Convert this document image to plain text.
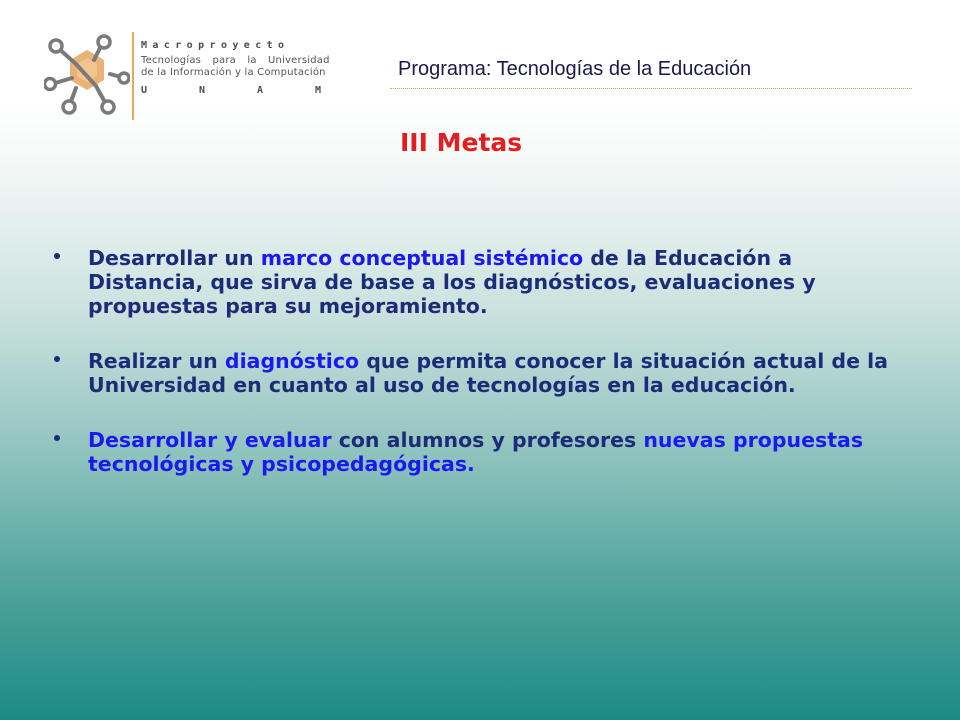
Macroproyecto
Tecnologías para la Universidad
de la Información y la Computación
UNAM
Programa: Tecnologías de la Educación
III Metas
Desarrollar un marco conceptual sistémico de la Educación a Distancia, que sirva de base a los diagnósticos, evaluaciones y propuestas para su mejoramiento.
Realizar un diagnóstico que permita conocer la situación actual de la Universidad en cuanto al uso de tecnologías en la educación.
Desarrollar y evaluar con alumnos y profesores nuevas propuestas tecnológicas y psicopedagógicas.
